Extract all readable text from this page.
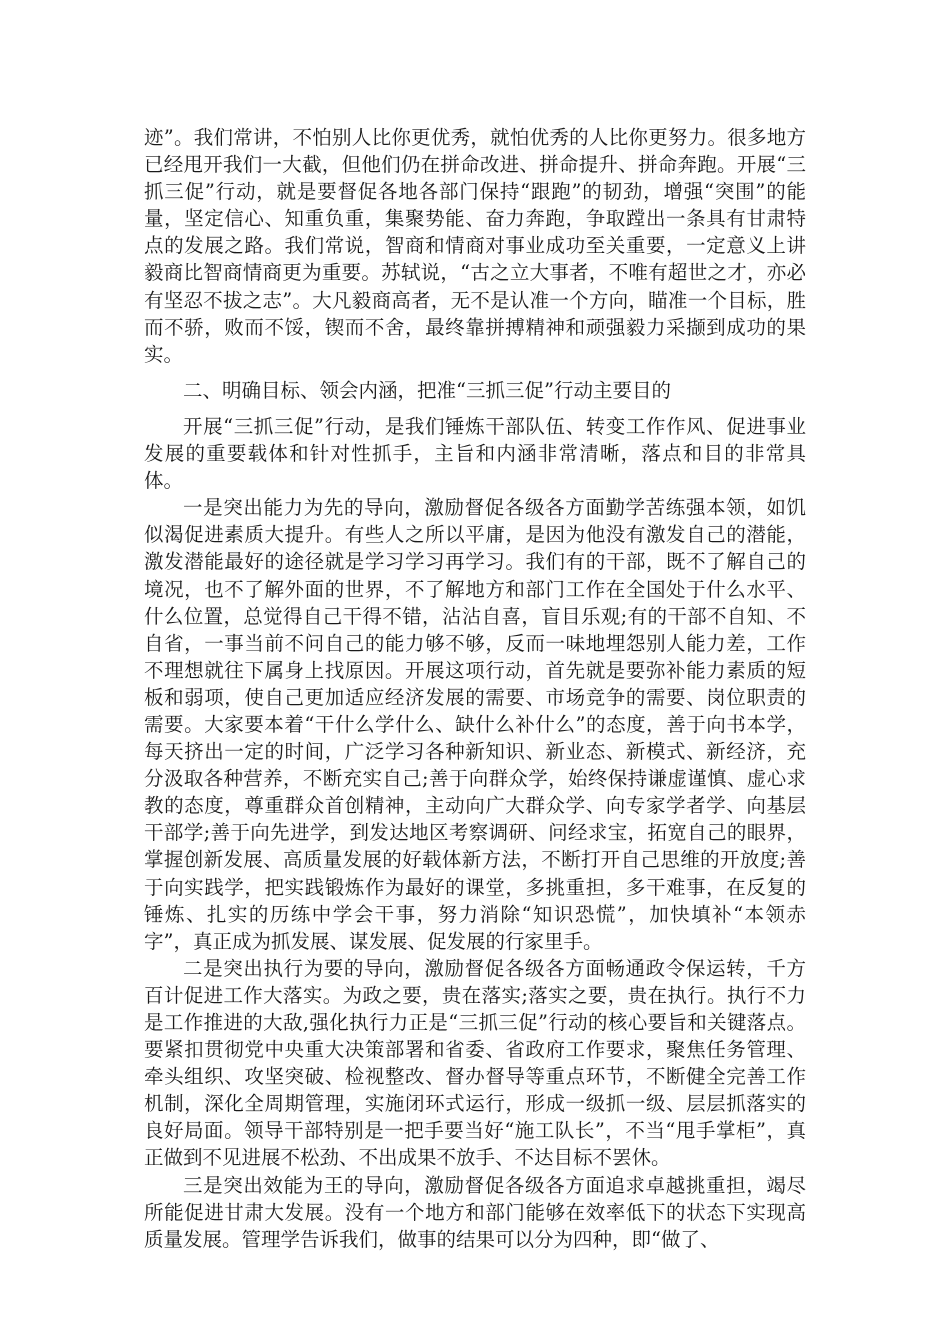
迹”。我们常讲，不怕别人比你更优秀，就怕优秀的人比你更努力。很多地方已经甩开我们一大截，但他们仍在拼命改进、拼命提升、拼命奔跑。开展“三抓三促”行动，就是要督促各地各部门保持“跟跑”的韧劲，增强“突围”的能量，坚定信心、知重负重，集聚势能、奋力奔跑，争取蹚出一条具有甘肃特点的发展之路。我们常说，智商和情商对事业成功至关重要，一定意义上讲毅商比智商情商更为重要。苏轼说，“古之立大事者，不唯有超世之才，亦必有坚忍不拔之志”。大凡毅商高者，无不是认准一个方向，瞄准一个目标，胜而不骄，败而不馁，锲而不舍，最终靠拼搏精神和顽强毅力采撷到成功的果实。

二、明确目标、领会内涵，把准“三抓三促”行动主要目的

开展“三抓三促”行动，是我们锤炼干部队伍、转变工作作风、促进事业发展的重要载体和针对性抓手，主旨和内涵非常清晰，落点和目的非常具体。

一是突出能力为先的导向，激励督促各级各方面勤学苦练强本领，如饥似渴促进素质大提升。有些人之所以平庸，是因为他没有激发自己的潜能，激发潜能最好的途径就是学习学习再学习。我们有的干部，既不了解自己的境况，也不了解外面的世界，不了解地方和部门工作在全国处于什么水平、什么位置，总觉得自己干得不错，沾沾自喜，盲目乐观;有的干部不自知、不自省，一事当前不问自己的能力够不够，反而一味地埋怨别人能力差，工作不理想就往下属身上找原因。开展这项行动，首先就是要弥补能力素质的短板和弱项，使自己更加适应经济发展的需要、市场竞争的需要、岗位职责的需要。大家要本着“干什么学什么、缺什么补什么”的态度，善于向书本学，每天挤出一定的时间，广泛学习各种新知识、新业态、新模式、新经济，充分汲取各种营养，不断充实自己;善于向群众学，始终保持谦虚谨慎、虚心求教的态度，尊重群众首创精神，主动向广大群众学、向专家学者学、向基层干部学;善于向先进学，到发达地区考察调研、问经求宝，拓宽自己的眼界，掌握创新发展、高质量发展的好载体新方法，不断打开自己思维的开放度;善于向实践学，把实践锻炼作为最好的课堂，多挑重担，多干难事，在反复的锤炼、扎实的历练中学会干事，努力消除“知识恐慌”，加快填补“本领赤字”，真正成为抓发展、谋发展、促发展的行家里手。

二是突出执行为要的导向，激励督促各级各方面畅通政令保运转，千方百计促进工作大落实。为政之要，贵在落实;落实之要，贵在执行。执行不力是工作推进的大敌,强化执行力正是“三抓三促”行动的核心要旨和关键落点。要紧扣贯彻党中央重大决策部署和省委、省政府工作要求，聚焦任务管理、牵头组织、攻坚突破、检视整改、督办督导等重点环节，不断健全完善工作机制，深化全周期管理，实施闭环式运行，形成一级抓一级、层层抓落实的良好局面。领导干部特别是一把手要当好“施工队长”，不当“甩手掌柜”，真正做到不见进展不松劲、不出成果不放手、不达目标不罢休。

三是突出效能为王的导向，激励督促各级各方面追求卓越挑重担，竭尽所能促进甘肃大发展。没有一个地方和部门能够在效率低下的状态下实现高质量发展。管理学告诉我们，做事的结果可以分为四种，即“做了、
